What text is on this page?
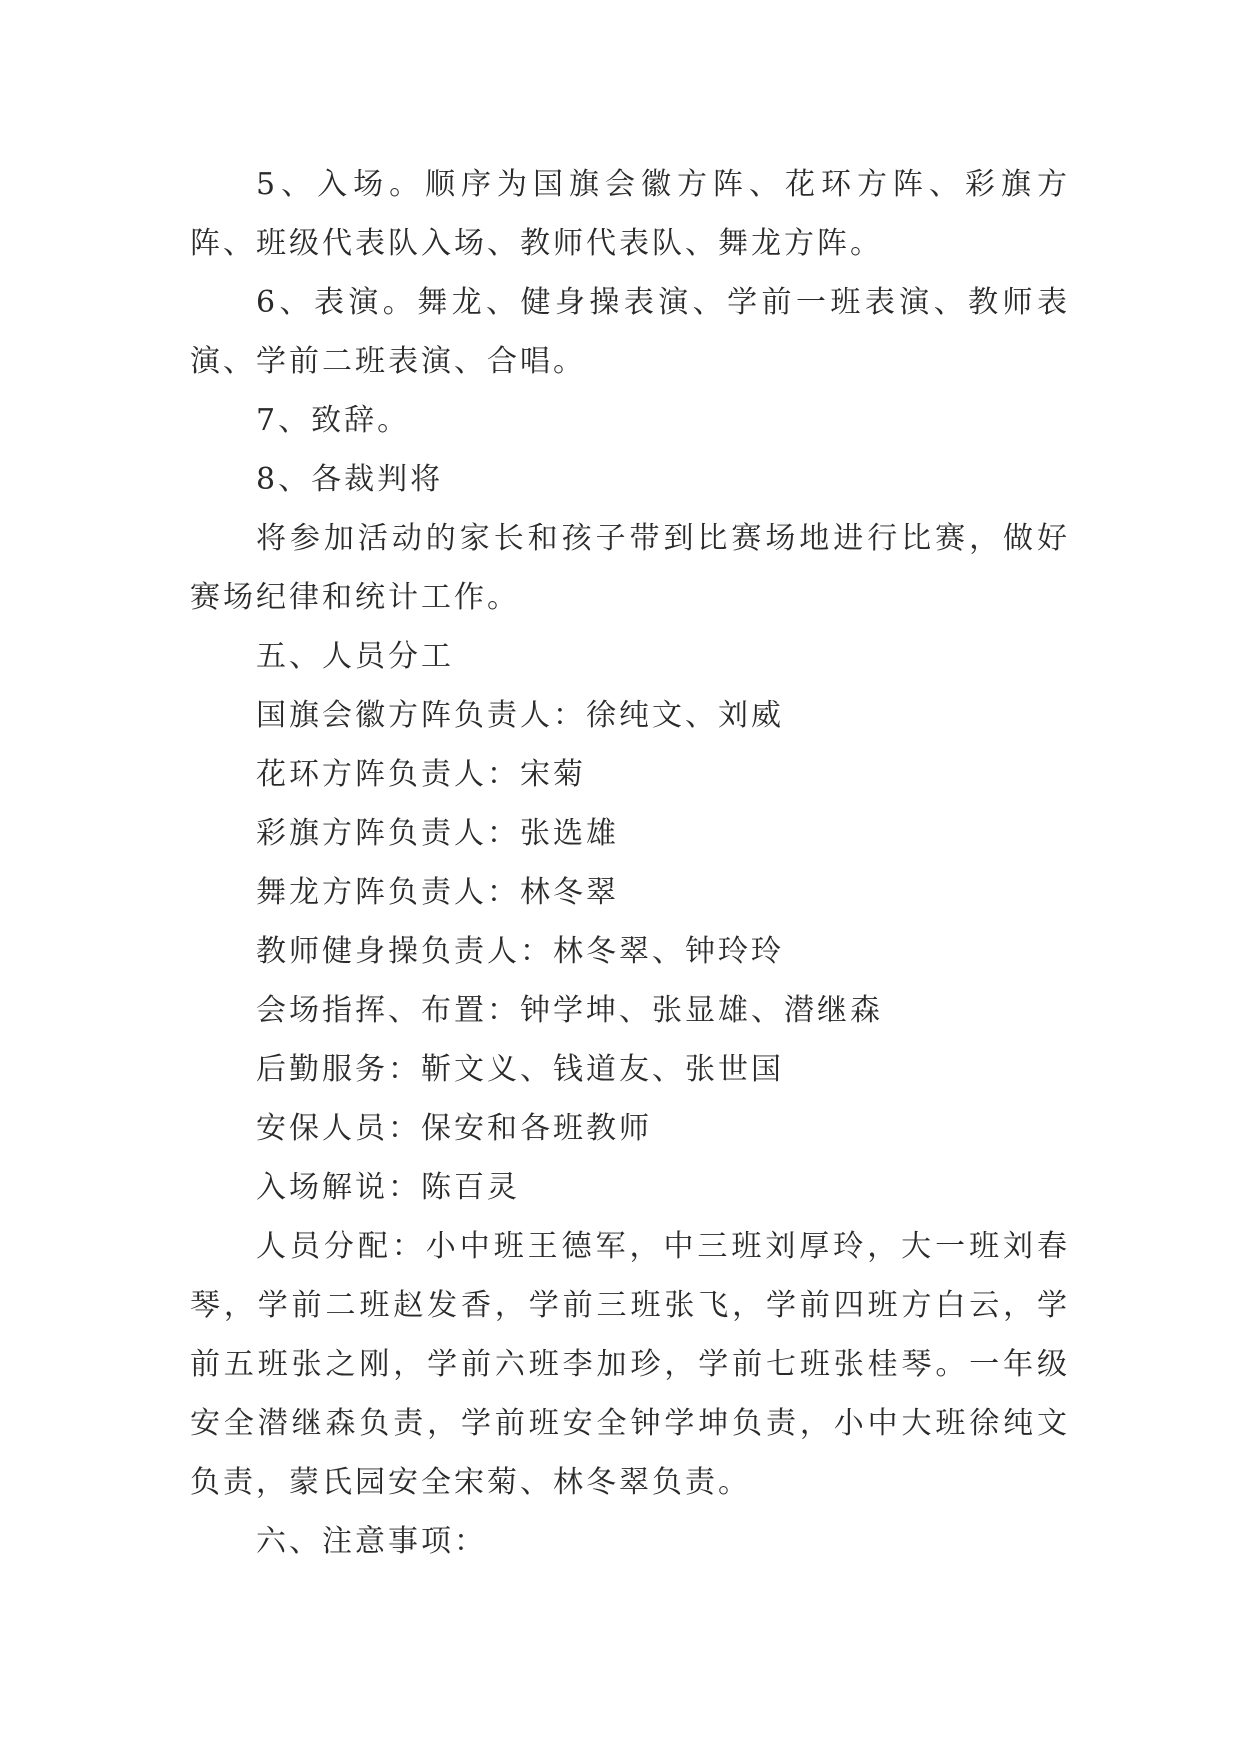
5、入场。顺序为国旗会徽方阵、花环方阵、彩旗方阵、班级代表队入场、教师代表队、舞龙方阵。

6、表演。舞龙、健身操表演、学前一班表演、教师表演、学前二班表演、合唱。

7、致辞。

8、各裁判将

将参加活动的家长和孩子带到比赛场地进行比赛，做好赛场纪律和统计工作。

五、人员分工

国旗会徽方阵负责人：徐纯文、刘威

花环方阵负责人：宋菊

彩旗方阵负责人：张选雄

舞龙方阵负责人：林冬翠

教师健身操负责人：林冬翠、钟玲玲

会场指挥、布置：钟学坤、张显雄、潜继森

后勤服务：靳文义、钱道友、张世国

安保人员：保安和各班教师

入场解说：陈百灵

人员分配：小中班王德军，中三班刘厚玲，大一班刘春琴，学前二班赵发香，学前三班张飞，学前四班方白云，学前五班张之刚，学前六班李加珍，学前七班张桂琴。一年级安全潜继森负责，学前班安全钟学坤负责，小中大班徐纯文负责，蒙氏园安全宋菊、林冬翠负责。

六、注意事项：
